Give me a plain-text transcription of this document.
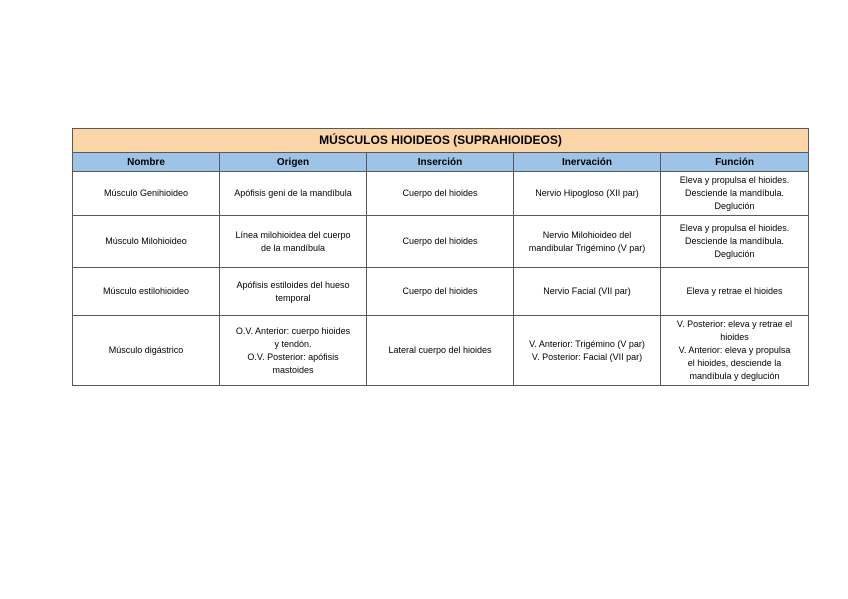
MÚSCULOS HIOIDEOS (SUPRAHIOIDEOS)				
Nombre	Origen	Inserción	Inervación	Función

Músculo Genihioideo	Apófisis geni de la mandíbula	Cuerpo del hioides	Nervio Hipogloso (XII par)	Eleva y propulsa el hioides.
Desciende la mandíbula.
Deglución

Músculo Milohioideo	Línea milohioidea del cuerpo
de la mandíbula	Cuerpo del hioides	Nervio Milohioideo del
mandibular Trigémino (V par)	Eleva y propulsa el hioides.
Desciende la mandíbula.
Deglución

Músculo estilohioideo	Apófisis estiloides del hueso
temporal	Cuerpo del hioides	Nervio Facial (VII par)	Eleva y retrae el hioides

Músculo digástrico	O.V. Anterior: cuerpo hioides
y tendón.
O.V. Posterior: apófisis
mastoides	Lateral cuerpo del hioides	V. Anterior: Trigémino (V par)
V. Posterior: Facial (VII par)	V. Posterior: eleva y retrae el
hioides
V. Anterior: eleva y propulsa
el hioides, desciende la
mandíbula y deglución
